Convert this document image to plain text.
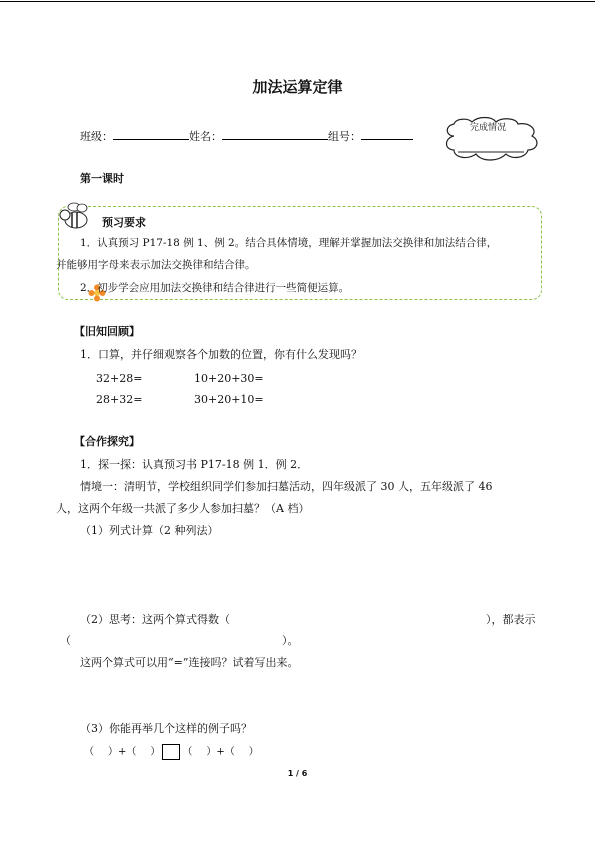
加法运算定律
班级：	姓名：	组号：
完成情况
第一课时
预习要求
1．认真预习 P17-18 例 1、例 2。结合具体情境，理解并掌握加法交换律和加法结合律，
并能够用字母来表示加法交换律和结合律。
2．初步学会应用加法交换律和结合律进行一些简便运算。
【旧知回顾】
1．口算，并仔细观察各个加数的位置，你有什么发现吗？
32+28=	10+20+30=
28+32=	30+20+10=
【合作探究】
1．探一探：认真预习书 P17-18 例 1．例 2．
情境一：清明节，学校组织同学们参加扫墓活动，四年级派了 30 人，五年级派了 46
人，这两个年级一共派了多少人参加扫墓？（A 档）
（1）列式计算（2 种列法）
（2）思考：这两个算式得数（	），都表示
（	）。
这两个算式可以用“=”连接吗？试着写出来。
（3）你能再举几个这样的例子吗？
（ ）+（ ） （ ）+（ ）
1 / 6
